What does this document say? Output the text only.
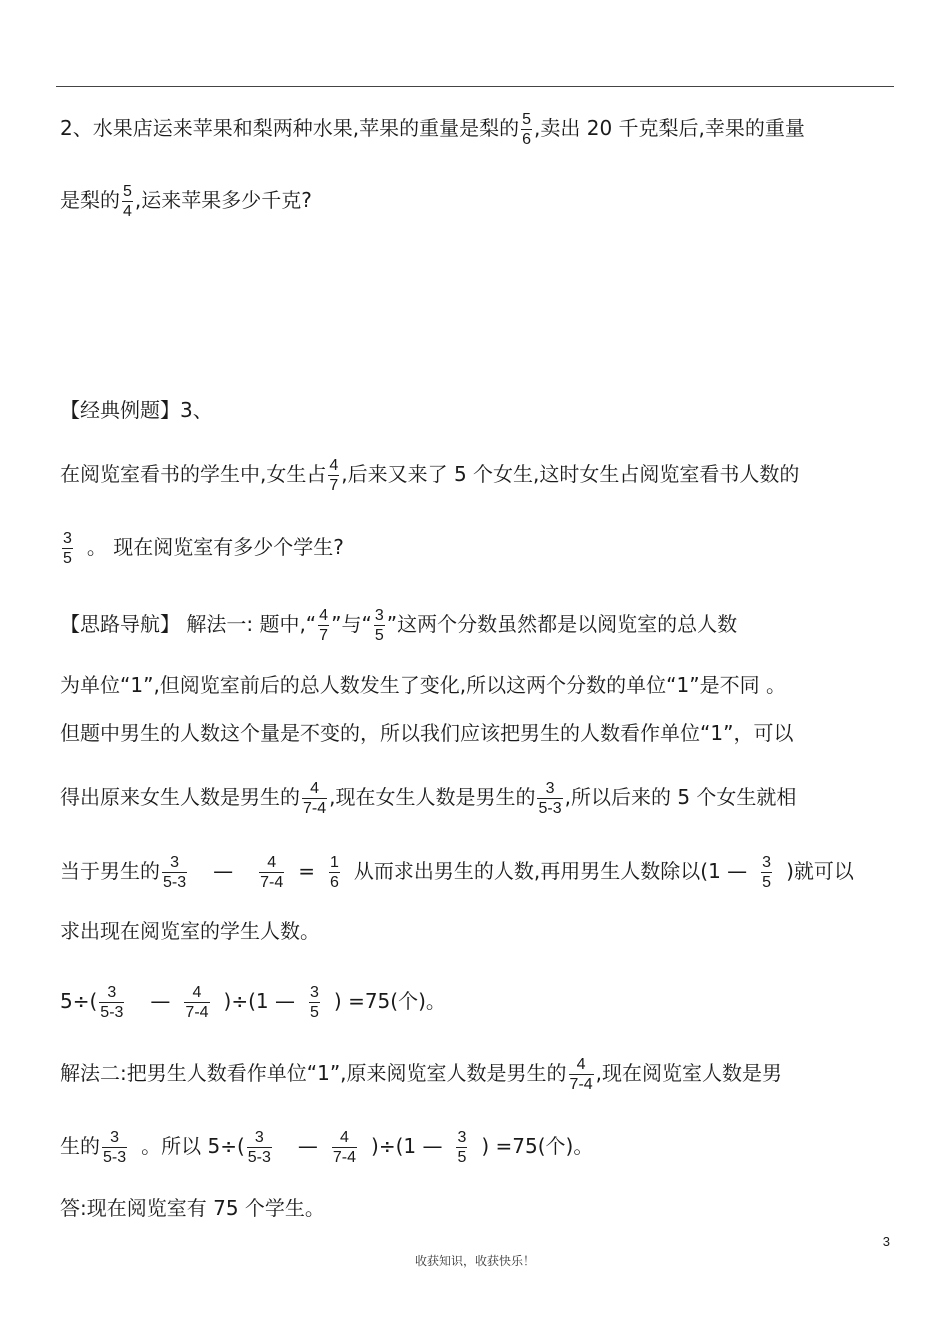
2、水果店运来苹果和梨两种水果,苹果的重量是梨的 $\frac{5}{6}$ ,卖出 20 千克梨后,幸果的重量
是梨的 $\frac{5}{4}$ ,运来苹果多少千克?
【经典例题】3、
在阅览室看书的学生中,女生占 $\frac{4}{7}$ ,后来又来了 5 个女生,这时女生占阅览室看书人数的
$\frac{3}{5}$ 。 现在阅览室有多少个学生?
【思路导航】 解法一: 题中,“ $\frac{4}{7}$ ”与“ $\frac{3}{5}$ ”这两个分数虽然都是以阅览室的总人数
为单位“1”,但阅览室前后的总人数发生了变化,所以这两个分数的单位“1”是不同 。
但题中男生的人数这个量是不变的，所以我们应该把男生的人数看作单位“1”，可以
得出原来女生人数是男生的 $\frac{4}{7-4}$ ,现在女生人数是男生的 $\frac{3}{5-3}$ ,所以后来的 5 个女生就相
当于男生的 $\frac{3}{5-3}$ — $\frac{4}{7-4} = \frac{1}{6}$ 从而求出男生的人数,再用男生人数除以(1 — $\frac{3}{5}$ )就可以
求出现在阅览室的学生人数。
$5\div( \frac{3}{5-3}$ — $\frac{4}{7-4} )\div(1$ — $\frac{3}{5}$ ) =75(个)。
解法二:把男生人数看作单位“1”,原来阅览室人数是男生的 $\frac{4}{7-4}$ ,现在阅览室人数是男
生的 $\frac{3}{5-3}$ 。所以 $5\div( \frac{3}{5-3}$ — $\frac{4}{7-4} )\div(1$ — $\frac{3}{5}$ ) =75(个)。
答:现在阅览室有 75 个学生。
3
收获知识，收获快乐！
